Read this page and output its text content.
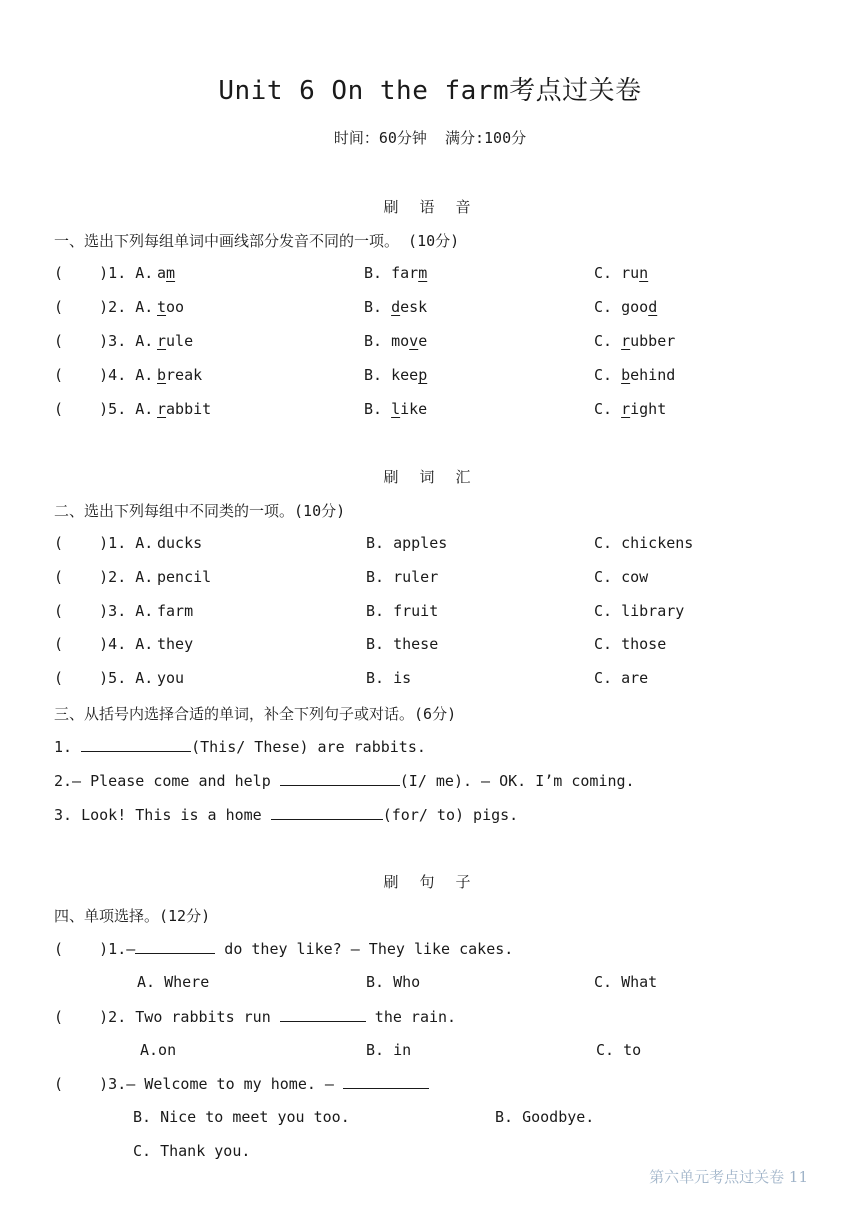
Unit 6 On the farm考点过关卷
时间：60分钟  满分:100分
刷 语 音
一、选出下列每组单词中画线部分发音不同的一项。 (10分)
(    )1. A. am	B. farm	C. run
(    )2. A. too	B. desk	C. good
(    )3. A. rule	B. move	C. rubber
(    )4. A. break	B. keep	C. behind
(    )5. A. rabbit	B. like	C. right
刷 词 汇
二、选出下列每组中不同类的一项。(10分)
(    )1. A. ducks	B. apples	C. chickens
(    )2. A. pencil	B. ruler	C. cow
(    )3. A. farm	B. fruit	C. library
(    )4. A. they	B. these	C. those
(    )5. A. you	B. is	C. are
三、从括号内选择合适的单词，补全下列句子或对话。(6分)
1.	(This/ These) are rabbits.
2.— Please come and help	(I/ me). — OK. I’m coming.
3. Look! This is a home	(for/ to) pigs.
刷 句 子
四、单项选择。(12分)
(    )1.—	do they like? — They like cakes.
A. Where	B. Who	C. What
(    )2. Two rabbits run	the rain.
A.on	B. in	C. to
(    )3.— Welcome to my home. —
B. Nice to meet you too.	B. Goodbye.
C. Thank you.
第六单元考点过关卷 11
